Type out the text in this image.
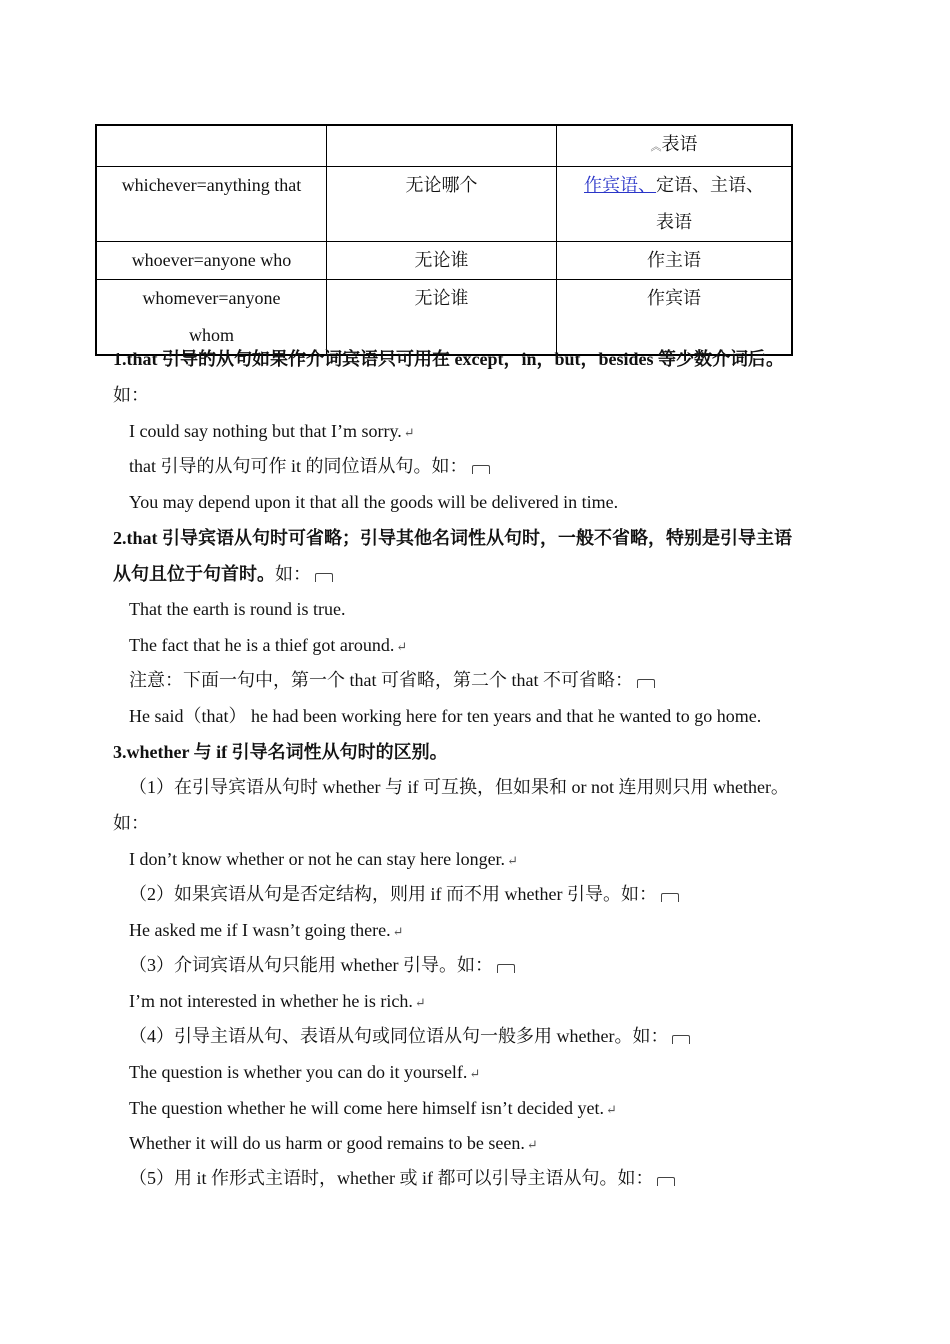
		︽表语
whichever=anything that	无论哪个	作宾语、定语、主语、
表语
whoever=anyone who	无论谁	作主语
whomever=anyone
whom	无论谁	作宾语
1.that 引导的从句如果作介词宾语只可用在 except，in，but，besides 等少数介词后。
如：
I could say nothing but that I’m sorry. ↵
that 引导的从句可作 it 的同位语从句。如：
You may depend upon it that all the goods will be delivered in time.
2.that 引导宾语从句时可省略；引导其他名词性从句时，一般不省略，特别是引导主语
从句且位于句首时。如：
That the earth is round is true.
The fact that he is a thief got around. ↵
注意：下面一句中，第一个 that 可省略，第二个 that 不可省略：
He said（that） he had been working here for ten years and that he wanted to go home.
3.whether 与 if 引导名词性从句时的区别。
（1）在引导宾语从句时 whether 与 if 可互换，但如果和 or not 连用则只用 whether。
如：
I don’t know whether or not he can stay here longer. ↵
（2）如果宾语从句是否定结构，则用 if 而不用 whether 引导。如：
He asked me if I wasn’t going there. ↵
（3）介词宾语从句只能用 whether 引导。如：
I’m not interested in whether he is rich. ↵
（4）引导主语从句、表语从句或同位语从句一般多用 whether。如：
The question is whether you can do it yourself. ↵
The question whether he will come here himself isn’t decided yet. ↵
Whether it will do us harm or good remains to be seen. ↵
（5）用 it 作形式主语时，whether 或 if 都可以引导主语从句。如：
